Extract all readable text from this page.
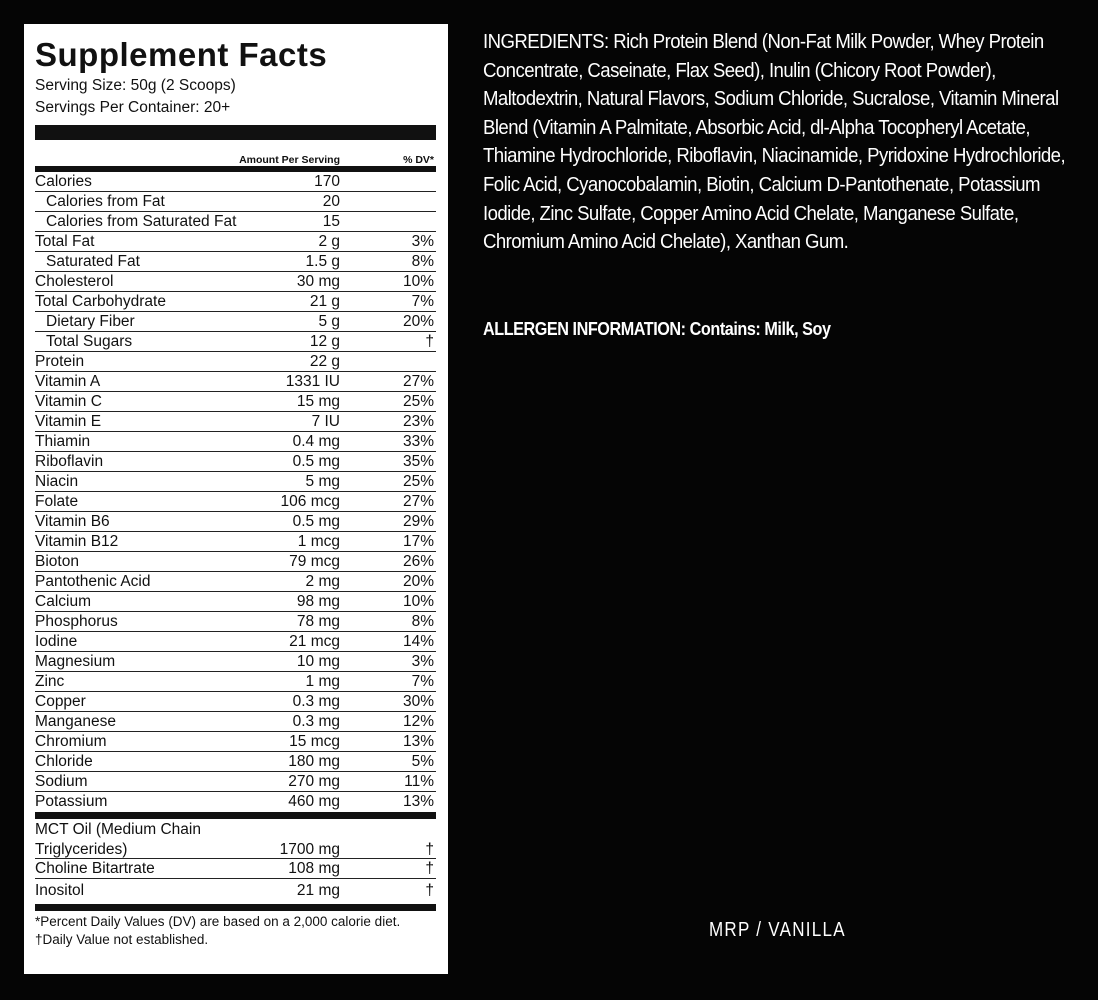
Supplement Facts
Serving Size: 50g (2 Scoops)
Servings Per Container: 20+
Amount Per Serving	% DV*
Calories	170
Calories from Fat	20
Calories from Saturated Fat	15
Total Fat	2 g	3%
Saturated Fat	1.5 g	8%
Cholesterol	30 mg	10%
Total Carbohydrate	21 g	7%
Dietary Fiber	5 g	20%
Total Sugars	12 g	†
Protein	22 g
Vitamin A	1331 IU	27%
Vitamin C	15 mg	25%
Vitamin E	7 IU	23%
Thiamin	0.4 mg	33%
Riboflavin	0.5 mg	35%
Niacin	5 mg	25%
Folate	106 mcg	27%
Vitamin B6	0.5 mg	29%
Vitamin B12	1 mcg	17%
Bioton	79 mcg	26%
Pantothenic Acid	2 mg	20%
Calcium	98 mg	10%
Phosphorus	78 mg	8%
Iodine	21 mcg	14%
Magnesium	10 mg	3%
Zinc	1 mg	7%
Copper	0.3 mg	30%
Manganese	0.3 mg	12%
Chromium	15 mcg	13%
Chloride	180 mg	5%
Sodium	270 mg	11%
Potassium	460 mg	13%
MCT Oil (Medium Chain
Triglycerides)	1700 mg	†
Choline Bitartrate	108 mg	†
Inositol	21 mg	†
*Percent Daily Values (DV) are based on a 2,000 calorie diet.
†Daily Value not established.

INGREDIENTS: Rich Protein Blend (Non-Fat Milk Powder, Whey Protein Concentrate, Caseinate, Flax Seed), Inulin (Chicory Root Powder), Maltodextrin, Natural Flavors, Sodium Chloride, Sucralose, Vitamin Mineral Blend (Vitamin A Palmitate, Absorbic Acid, dl-Alpha Tocopheryl Acetate, Thiamine Hydrochloride, Riboflavin, Niacinamide, Pyridoxine Hydrochloride, Folic Acid, Cyanocobalamin, Biotin, Calcium D-Pantothenate, Potassium Iodide, Zinc Sulfate, Copper Amino Acid Chelate, Manganese Sulfate, Chromium Amino Acid Chelate), Xanthan Gum.

ALLERGEN INFORMATION: Contains: Milk, Soy
MRP / VANILLA
